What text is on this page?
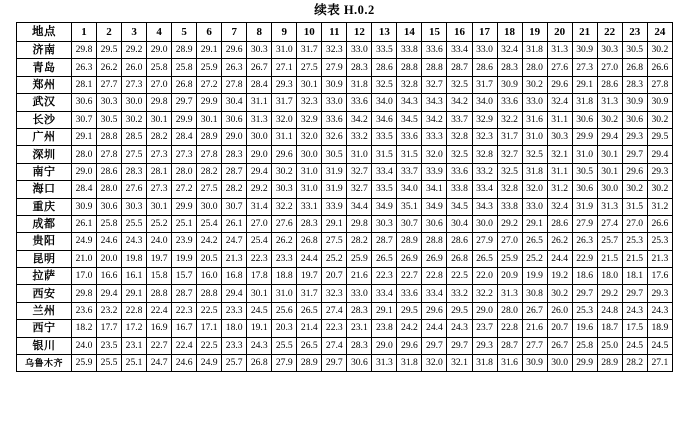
续表 H.0.2
地点	1	2	3	4	5	6	7	8	9	10	11	12	13	14	15	16	17	18	19	20	21	22	23	24
济南	29.8	29.5	29.2	29.0	28.9	29.1	29.6	30.3	31.0	31.7	32.3	33.0	33.5	33.8	33.6	33.4	33.0	32.4	31.8	31.3	30.9	30.3	30.5	30.2
青岛	26.3	26.2	26.0	25.8	25.8	25.9	26.3	26.7	27.1	27.5	27.9	28.3	28.6	28.8	28.8	28.7	28.6	28.3	28.0	27.6	27.3	27.0	26.8	26.6
郑州	28.1	27.7	27.3	27.0	26.8	27.2	27.8	28.4	29.3	30.1	30.9	31.8	32.5	32.8	32.7	32.5	31.7	30.9	30.2	29.6	29.1	28.6	28.3	27.8
武汉	30.6	30.3	30.0	29.8	29.7	29.9	30.4	31.1	31.7	32.3	33.0	33.6	34.0	34.3	34.3	34.2	34.0	33.6	33.0	32.4	31.8	31.3	30.9	30.9
长沙	30.7	30.5	30.2	30.1	29.9	30.1	30.6	31.3	32.0	32.9	33.6	34.2	34.6	34.5	34.2	33.7	32.9	32.2	31.6	31.1	30.6	30.2	30.6	30.2
广州	29.1	28.8	28.5	28.2	28.4	28.9	29.0	30.0	31.1	32.0	32.6	33.2	33.5	33.6	33.3	32.8	32.3	31.7	31.0	30.3	29.9	29.4	29.3	29.5
深圳	28.0	27.8	27.5	27.3	27.3	27.8	28.3	29.0	29.6	30.0	30.5	31.0	31.5	31.5	32.0	32.5	32.8	32.7	32.5	32.1	31.0	30.1	29.7	29.4
南宁	29.0	28.6	28.3	28.1	28.0	28.2	28.7	29.4	30.2	31.0	31.9	32.7	33.4	33.7	33.9	33.6	33.2	32.5	31.8	31.1	30.5	30.1	29.6	29.3
海口	28.4	28.0	27.6	27.3	27.2	27.5	28.2	29.2	30.3	31.0	31.9	32.7	33.5	34.0	34.1	33.8	33.4	32.8	32.0	31.2	30.6	30.0	30.2	30.2
重庆	30.9	30.6	30.3	30.1	29.9	30.0	30.7	31.4	32.2	33.1	33.9	34.4	34.9	35.1	34.9	34.5	34.3	33.8	33.0	32.4	31.9	31.3	31.5	31.2
成都	26.1	25.8	25.5	25.2	25.1	25.4	26.1	27.0	27.6	28.3	29.1	29.8	30.3	30.7	30.6	30.4	30.0	29.2	29.1	28.6	27.9	27.4	27.0	26.6
贵阳	24.9	24.6	24.3	24.0	23.9	24.2	24.7	25.4	26.2	26.8	27.5	28.2	28.7	28.9	28.8	28.6	27.9	27.0	26.5	26.2	26.3	25.7	25.3	25.3
昆明	21.0	20.0	19.8	19.7	19.9	20.5	21.3	22.3	23.3	24.4	25.2	25.9	26.5	26.9	26.9	26.8	26.5	25.9	25.2	24.4	22.9	21.5	21.5	21.3
拉萨	17.0	16.6	16.1	15.8	15.7	16.0	16.8	17.8	18.8	19.7	20.7	21.6	22.3	22.7	22.8	22.5	22.0	20.9	19.9	19.2	18.6	18.0	18.1	17.6
西安	29.8	29.4	29.1	28.8	28.7	28.8	29.4	30.1	31.0	31.7	32.3	33.0	33.4	33.6	33.4	33.2	32.2	31.3	30.8	30.2	29.7	29.2	29.7	29.3
兰州	23.6	23.2	22.8	22.4	22.3	22.5	23.3	24.5	25.6	26.5	27.4	28.3	29.1	29.5	29.6	29.5	29.0	28.0	26.7	26.0	25.3	24.8	24.3	24.3
西宁	18.2	17.7	17.2	16.9	16.7	17.1	18.0	19.1	20.3	21.4	22.3	23.1	23.8	24.2	24.4	24.3	23.7	22.8	21.6	20.7	19.6	18.7	17.5	18.9
银川	24.0	23.5	23.1	22.7	22.4	22.5	23.3	24.3	25.5	26.5	27.4	28.3	29.0	29.6	29.7	29.7	29.3	28.7	27.7	26.7	25.8	25.0	24.5	24.5
乌鲁木齐	25.9	25.5	25.1	24.7	24.6	24.9	25.7	26.8	27.9	28.9	29.7	30.6	31.3	31.8	32.0	32.1	31.8	31.6	30.9	30.0	29.9	28.9	28.2	27.1
